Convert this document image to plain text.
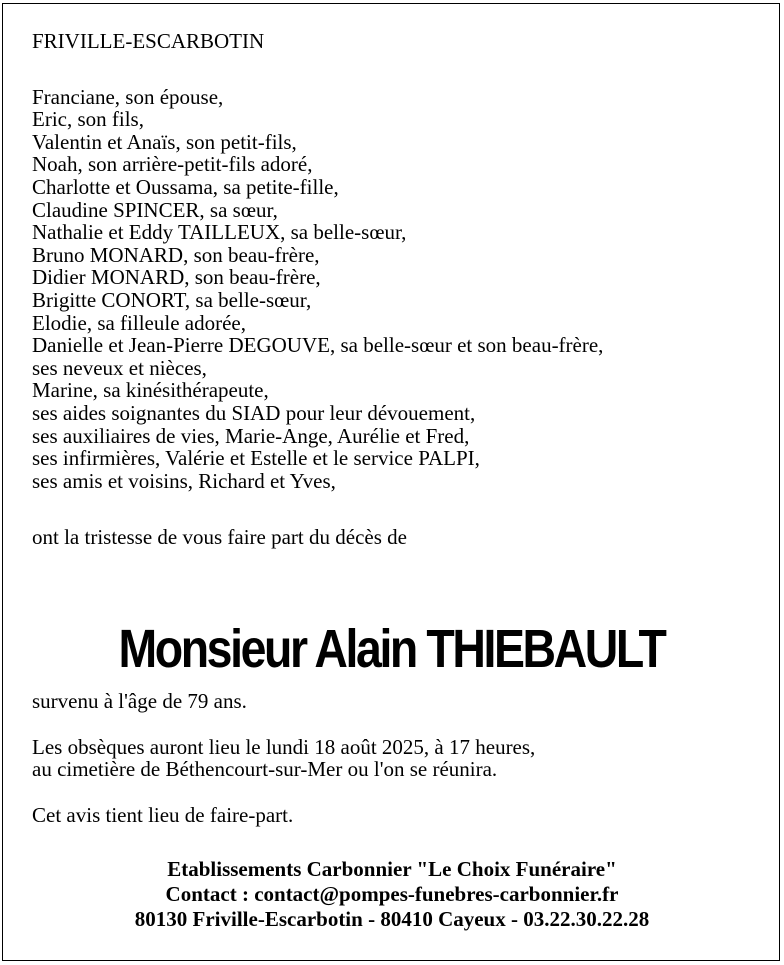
FRIVILLE-ESCARBOTIN
Franciane, son épouse,
Eric, son fils,
Valentin et Anaïs, son petit-fils,
Noah, son arrière-petit-fils adoré,
Charlotte et Oussama, sa petite-fille,
Claudine SPINCER, sa sœur,
Nathalie et Eddy TAILLEUX, sa belle-sœur,
Bruno MONARD, son beau-frère,
Didier MONARD, son beau-frère,
Brigitte CONORT, sa belle-sœur,
Elodie, sa filleule adorée,
Danielle et Jean-Pierre DEGOUVE, sa belle-sœur et son beau-frère,
ses neveux et nièces,
Marine, sa kinésithérapeute,
ses aides soignantes du SIAD pour leur dévouement,
ses auxiliaires de vies, Marie-Ange, Aurélie et Fred,
ses infirmières, Valérie et Estelle et le service PALPI,
ses amis et voisins, Richard et Yves,
ont la tristesse de vous faire part du décès de
Monsieur Alain THIEBAULT
survenu à l'âge de 79 ans.
Les obsèques auront lieu le lundi 18 août 2025, à 17 heures,
au cimetière de Béthencourt-sur-Mer ou l'on se réunira.
Cet avis tient lieu de faire-part.
Etablissements Carbonnier "Le Choix Funéraire"
Contact : contact@pompes-funebres-carbonnier.fr
80130 Friville-Escarbotin - 80410 Cayeux - 03.22.30.22.28
